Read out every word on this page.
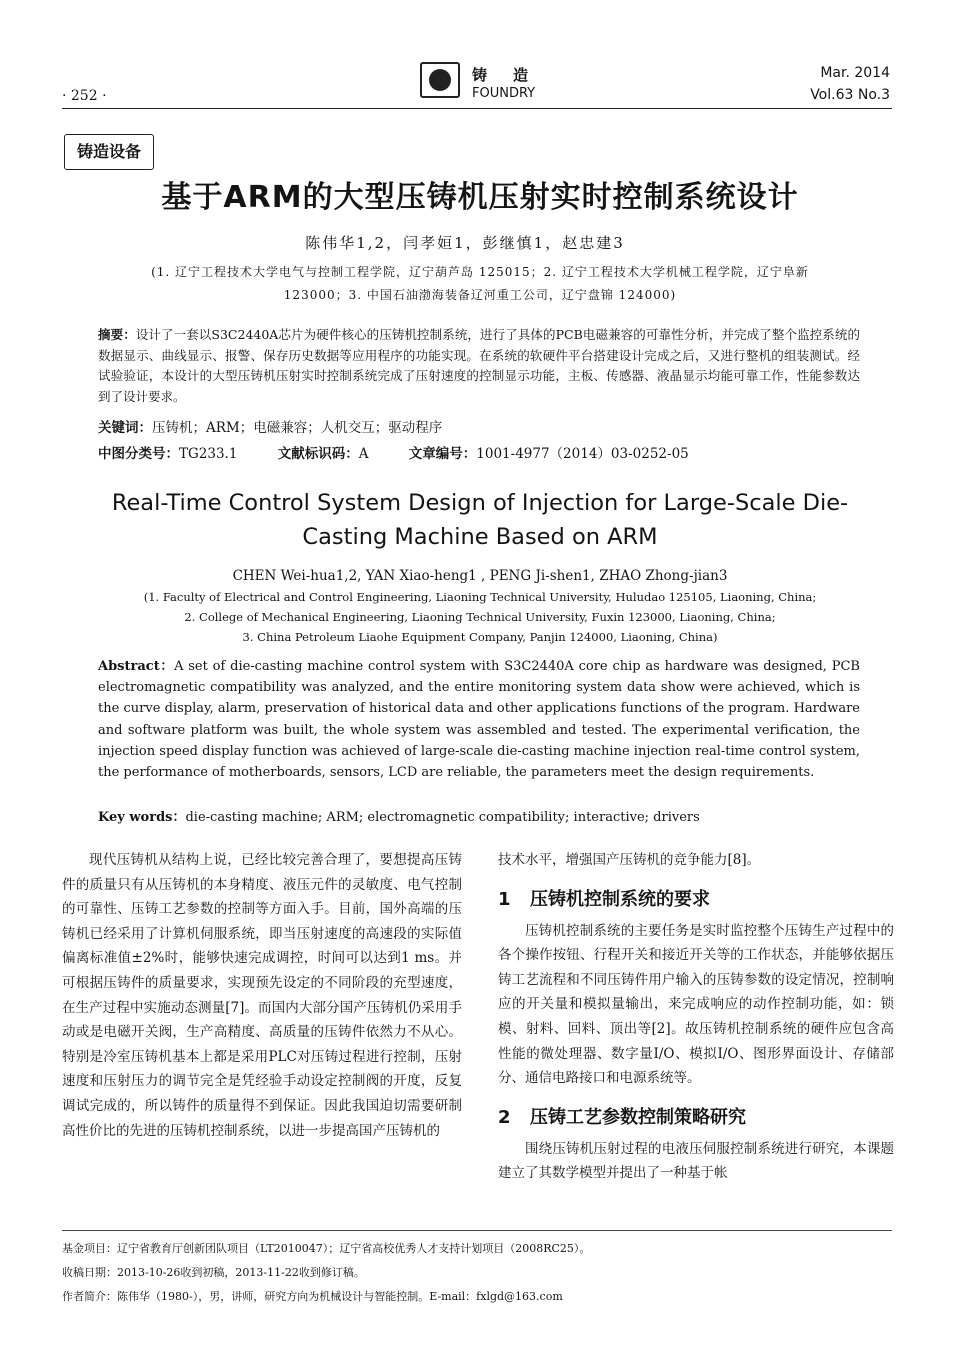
· 252 ·
铸造
FOUNDRY
Mar. 2014
Vol.63 No.3
铸造设备
基于ARM的大型压铸机压射实时控制系统设计
陈伟华1,2，闫孝姮1，彭继慎1，赵忠建3
(1. 辽宁工程技术大学电气与控制工程学院，辽宁葫芦岛 125015；2. 辽宁工程技术大学机械工程学院，辽宁阜新 123000；3. 中国石油渤海装备辽河重工公司，辽宁盘锦 124000)
摘要：设计了一套以S3C2440A芯片为硬件核心的压铸机控制系统，进行了具体的PCB电磁兼容的可靠性分析，并完成了整个监控系统的数据显示、曲线显示、报警、保存历史数据等应用程序的功能实现。在系统的软硬件平台搭建设计完成之后，又进行整机的组装测试。经试验验证，本设计的大型压铸机压射实时控制系统完成了压射速度的控制显示功能，主板、传感器、液晶显示均能可靠工作，性能参数达到了设计要求。
关键词：压铸机；ARM；电磁兼容；人机交互；驱动程序
中图分类号：TG233.1	文献标识码：A	文章编号：1001-4977（2014）03-0252-05
Real-Time Control System Design of Injection for Large-Scale Die-Casting Machine Based on ARM
CHEN Wei-hua1,2, YAN Xiao-heng1 , PENG Ji-shen1, ZHAO Zhong-jian3
(1. Faculty of Electrical and Control Engineering, Liaoning Technical University, Huludao 125105, Liaoning, China;
2. College of Mechanical Engineering, Liaoning Technical University, Fuxin 123000, Liaoning, China;
3. China Petroleum Liaohe Equipment Company, Panjin 124000, Liaoning, China)
Abstract：A set of die-casting machine control system with S3C2440A core chip as hardware was designed, PCB electromagnetic compatibility was analyzed, and the entire monitoring system data show were achieved, which is the curve display, alarm, preservation of historical data and other applications functions of the program. Hardware and software platform was built, the whole system was assembled and tested. The experimental verification, the injection speed display function was achieved of large-scale die-casting machine injection real-time control system, the performance of motherboards, sensors, LCD are reliable, the parameters meet the design requirements.
Key words：die-casting machine; ARM; electromagnetic compatibility; interactive; drivers

现代压铸机从结构上说，已经比较完善合理了，要想提高压铸件的质量只有从压铸机的本身精度、液压元件的灵敏度、电气控制的可靠性、压铸工艺参数的控制等方面入手。目前，国外高端的压铸机已经采用了计算机伺服系统，即当压射速度的高速段的实际值偏离标准值±2%时，能够快速完成调控，时间可以达到1 ms。并可根据压铸件的质量要求，实现预先设定的不同阶段的充型速度，在生产过程中实施动态测量[7]。而国内大部分国产压铸机仍采用手动或是电磁开关阀，生产高精度、高质量的压铸件依然力不从心。特别是冷室压铸机基本上都是采用PLC对压铸过程进行控制，压射速度和压射压力的调节完全是凭经验手动设定控制阀的开度，反复调试完成的，所以铸件的质量得不到保证。因此我国迫切需要研制高性价比的先进的压铸机控制系统，以进一步提高国产压铸机的

技术水平，增强国产压铸机的竞争能力[8]。

1 压铸机控制系统的要求

压铸机控制系统的主要任务是实时监控整个压铸生产过程中的各个操作按钮、行程开关和接近开关等的工作状态，并能够依据压铸工艺流程和不同压铸件用户输入的压铸参数的设定情况，控制响应的开关量和模拟量输出，来完成响应的动作控制功能，如：锁模、射料、回料、顶出等[2]。故压铸机控制系统的硬件应包含高性能的微处理器、数字量I/O、模拟I/O、图形界面设计、存储部分、通信电路接口和电源系统等。

2 压铸工艺参数控制策略研究

围绕压铸机压射过程的电液压伺服控制系统进行研究，本课题建立了其数学模型并提出了一种基于帐

基金项目：辽宁省教育厅创新团队项目（LT2010047）；辽宁省高校优秀人才支持计划项目（2008RC25）。
收稿日期：2013-10-26收到初稿，2013-11-22收到修订稿。
作者简介：陈伟华（1980-），男，讲师，研究方向为机械设计与智能控制。E-mail：fxlgd@163.com
